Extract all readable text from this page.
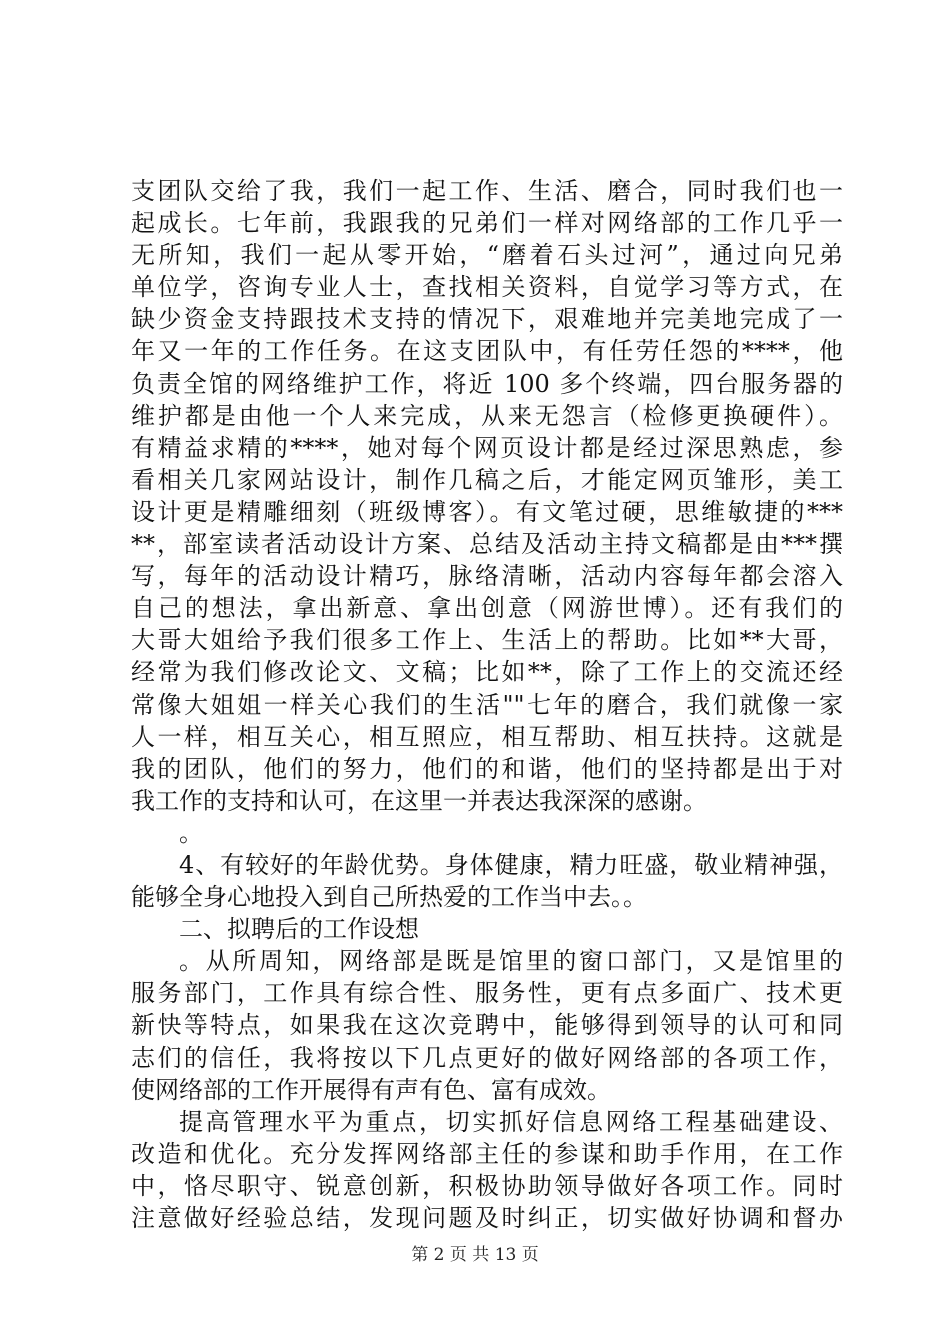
支团队交给了我，我们一起工作、生活、磨合，同时我们也一
起成长。七年前，我跟我的兄弟们一样对网络部的工作几乎一
无所知，我们一起从零开始，“磨着石头过河”，通过向兄弟
单位学，咨询专业人士，查找相关资料，自觉学习等方式，在
缺少资金支持跟技术支持的情况下，艰难地并完美地完成了一
年又一年的工作任务。在这支团队中，有任劳任怨的****，他
负责全馆的网络维护工作，将近 100 多个终端，四台服务器的
维护都是由他一个人来完成，从来无怨言（检修更换硬件）。
有精益求精的****，她对每个网页设计都是经过深思熟虑，参
看相关几家网站设计，制作几稿之后，才能定网页雏形，美工
设计更是精雕细刻（班级博客）。有文笔过硬，思维敏捷的***
**，部室读者活动设计方案、总结及活动主持文稿都是由***撰
写，每年的活动设计精巧，脉络清晰，活动内容每年都会溶入
自己的想法，拿出新意、拿出创意（网游世博）。还有我们的
大哥大姐给予我们很多工作上、生活上的帮助。比如**大哥，
经常为我们修改论文、文稿；比如**，除了工作上的交流还经
常像大姐姐一样关心我们的生活""七年的磨合，我们就像一家
人一样，相互关心，相互照应，相互帮助、相互扶持。这就是
我的团队，他们的努力，他们的和谐，他们的坚持都是出于对
我工作的支持和认可，在这里一并表达我深深的感谢。
。
4、有较好的年龄优势。身体健康，精力旺盛，敬业精神强，
能够全身心地投入到自己所热爱的工作当中去。。
二、拟聘后的工作设想
。从所周知，网络部是既是馆里的窗口部门，又是馆里的
服务部门，工作具有综合性、服务性，更有点多面广、技术更
新快等特点，如果我在这次竞聘中，能够得到领导的认可和同
志们的信任，我将按以下几点更好的做好网络部的各项工作，
使网络部的工作开展得有声有色、富有成效。
提高管理水平为重点，切实抓好信息网络工程基础建设、
改造和优化。充分发挥网络部主任的参谋和助手作用，在工作
中，恪尽职守、锐意创新，积极协助领导做好各项工作。同时
注意做好经验总结，发现问题及时纠正，切实做好协调和督办
第 2 页 共 13 页
